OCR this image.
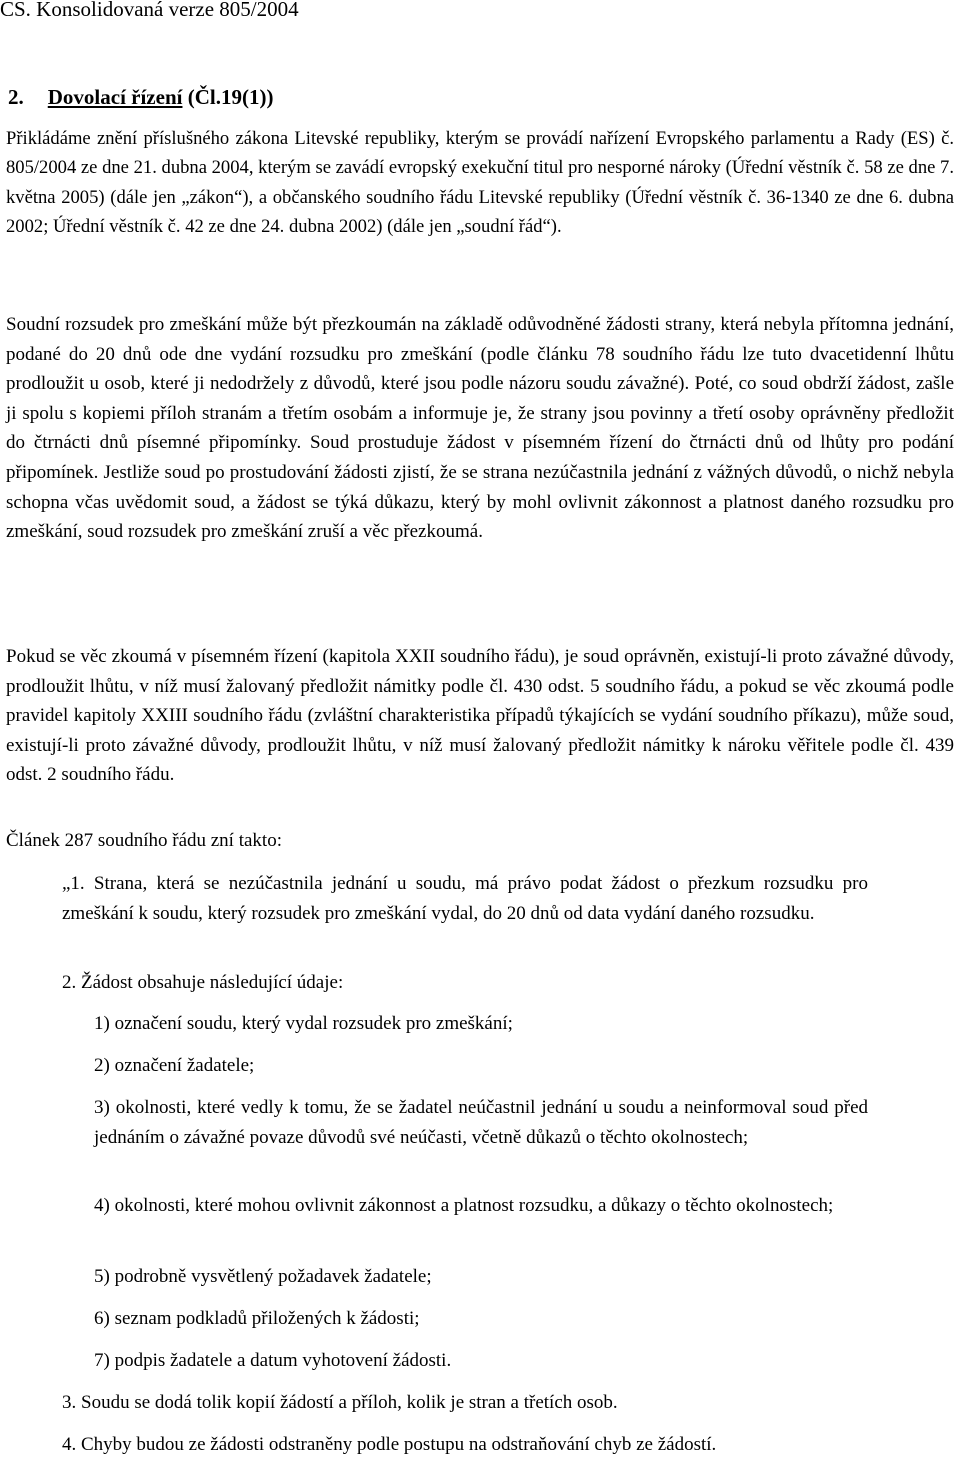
CS. Konsolidovaná verze 805/2004
2. Dovolací řízení (Čl.19(1))

Přikládáme znění příslušného zákona Litevské republiky, kterým se provádí nařízení Evropského parlamentu a Rady (ES) č. 805/2004 ze dne 21. dubna 2004, kterým se zavádí evropský exekuční titul pro nesporné nároky (Úřední věstník č. 58 ze dne 7. května 2005) (dále jen „zákon“), a občanského soudního řádu Litevské republiky (Úřední věstník č. 36-1340 ze dne 6. dubna 2002; Úřední věstník č. 42 ze dne 24. dubna 2002) (dále jen „soudní řád“).

Soudní rozsudek pro zmeškání může být přezkoumán na základě odůvodněné žádosti strany, která nebyla přítomna jednání, podané do 20 dnů ode dne vydání rozsudku pro zmeškání (podle článku 78 soudního řádu lze tuto dvacetidenní lhůtu prodloužit u osob, které ji nedodržely z důvodů, které jsou podle názoru soudu závažné). Poté, co soud obdrží žádost, zašle ji spolu s kopiemi příloh stranám a třetím osobám a informuje je, že strany jsou povinny a třetí osoby oprávněny předložit do čtrnácti dnů písemné připomínky. Soud prostuduje žádost v písemném řízení do čtrnácti dnů od lhůty pro podání připomínek. Jestliže soud po prostudování žádosti zjistí, že se strana nezúčastnila jednání z vážných důvodů, o nichž nebyla schopna včas uvědomit soud, a žádost se týká důkazu, který by mohl ovlivnit zákonnost a platnost daného rozsudku pro zmeškání, soud rozsudek pro zmeškání zruší a věc přezkoumá.

Pokud se věc zkoumá v písemném řízení (kapitola XXII soudního řádu), je soud oprávněn, existují-li proto závažné důvody, prodloužit lhůtu, v níž musí žalovaný předložit námitky podle čl. 430 odst. 5 soudního řádu, a pokud se věc zkoumá podle pravidel kapitoly XXIII soudního řádu (zvláštní charakteristika případů týkajících se vydání soudního příkazu), může soud, existují-li proto závažné důvody, prodloužit lhůtu, v níž musí žalovaný předložit námitky k nároku věřitele podle čl. 439 odst. 2 soudního řádu.

Článek 287 soudního řádu zní takto:

„1. Strana, která se nezúčastnila jednání u soudu, má právo podat žádost o přezkum rozsudku pro zmeškání k soudu, který rozsudek pro zmeškání vydal, do 20 dnů od data vydání daného rozsudku.

2. Žádost obsahuje následující údaje:

1) označení soudu, který vydal rozsudek pro zmeškání;

2) označení žadatele;

3) okolnosti, které vedly k tomu, že se žadatel neúčastnil jednání u soudu a neinformoval soud před jednáním o závažné povaze důvodů své neúčasti, včetně důkazů o těchto okolnostech;

4) okolnosti, které mohou ovlivnit zákonnost a platnost rozsudku, a důkazy o těchto okolnostech;

5) podrobně vysvětlený požadavek žadatele;

6) seznam podkladů přiložených k žádosti;

7) podpis žadatele a datum vyhotovení žádosti.

3. Soudu se dodá tolik kopií žádostí a příloh, kolik je stran a třetích osob.

4. Chyby budou ze žádosti odstraněny podle postupu na odstraňování chyb ze žádostí.
